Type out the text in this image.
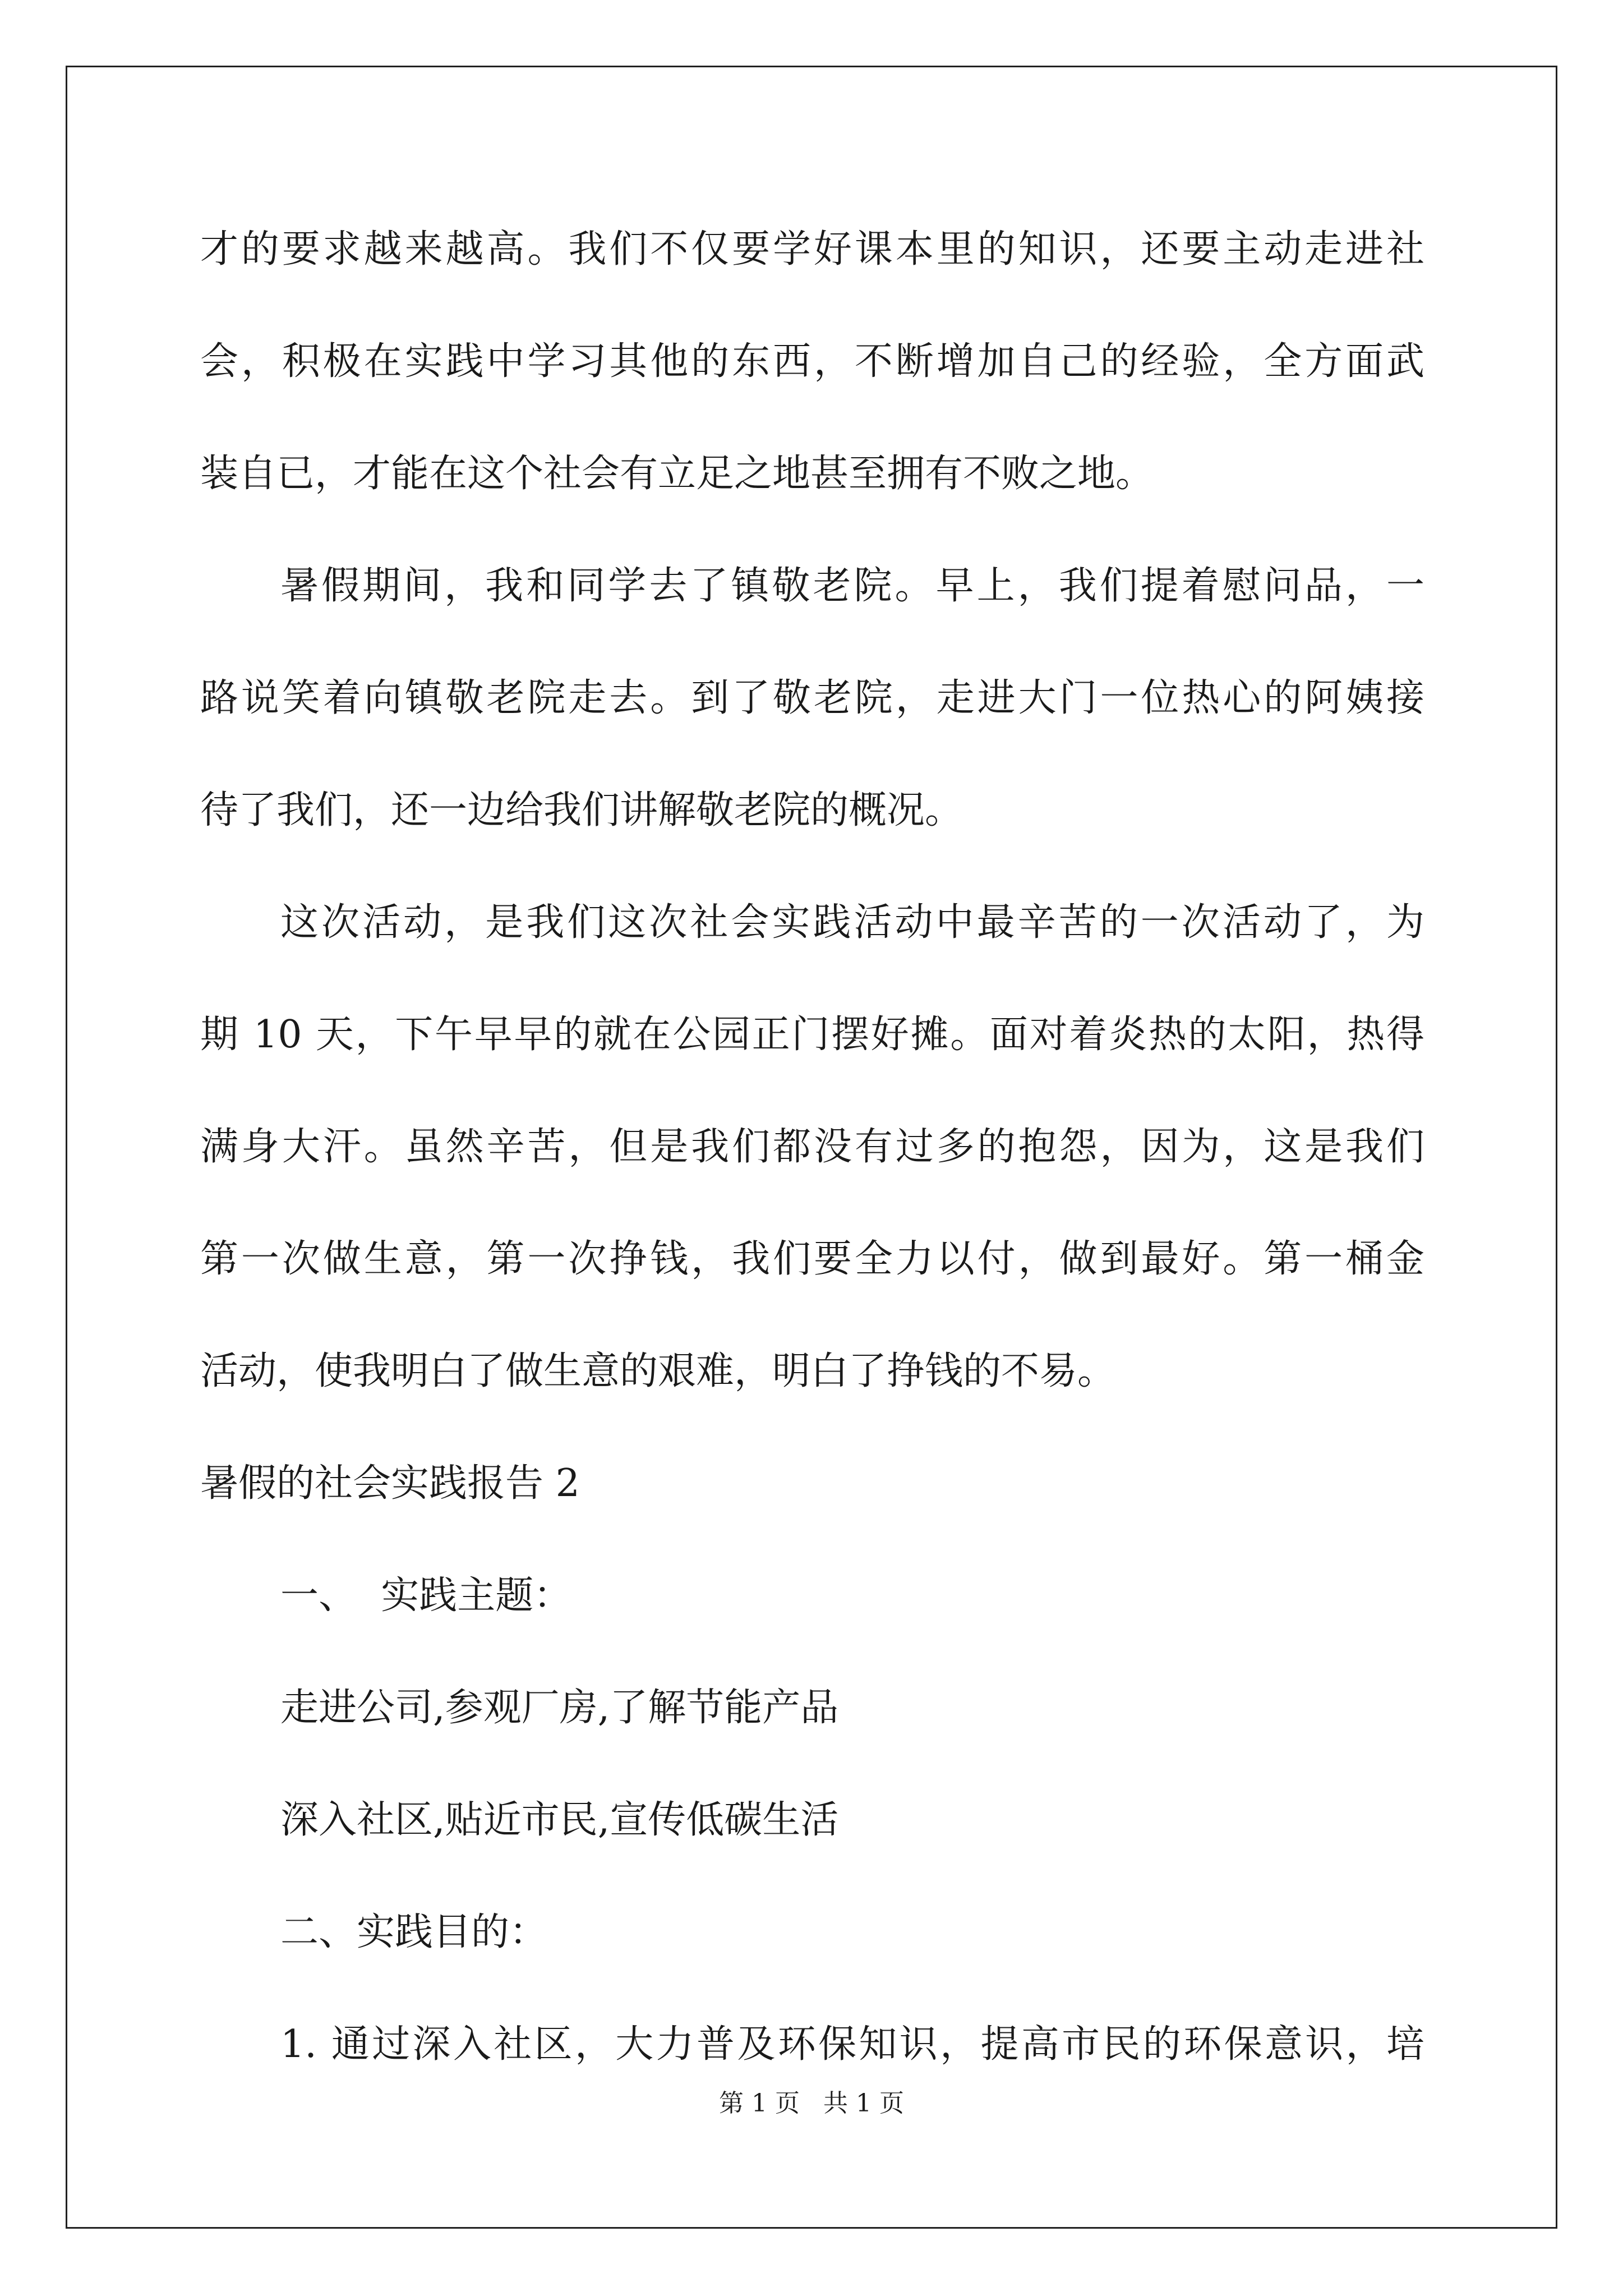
才的要求越来越高。我们不仅要学好课本里的知识，还要主动走进社
会，积极在实践中学习其他的东西，不断增加自己的经验，全方面武
装自已，才能在这个社会有立足之地甚至拥有不败之地。
暑假期间，我和同学去了镇敬老院。早上，我们提着慰问品，一
路说笑着向镇敬老院走去。到了敬老院，走进大门一位热心的阿姨接
待了我们，还一边给我们讲解敬老院的概况。
这次活动，是我们这次社会实践活动中最辛苦的一次活动了，为
期 10 天，下午早早的就在公园正门摆好摊。面对着炎热的太阳，热得
满身大汗。虽然辛苦，但是我们都没有过多的抱怨，因为，这是我们
第一次做生意，第一次挣钱，我们要全力以付，做到最好。第一桶金
活动，使我明白了做生意的艰难，明白了挣钱的不易。
暑假的社会实践报告 2
一、  实践主题：
走进公司,参观厂房,了解节能产品
深入社区,贴近市民,宣传低碳生活
二、实践目的：
1. 通过深入社区，大力普及环保知识，提高市民的环保意识，培
第 1 页   共 1 页
